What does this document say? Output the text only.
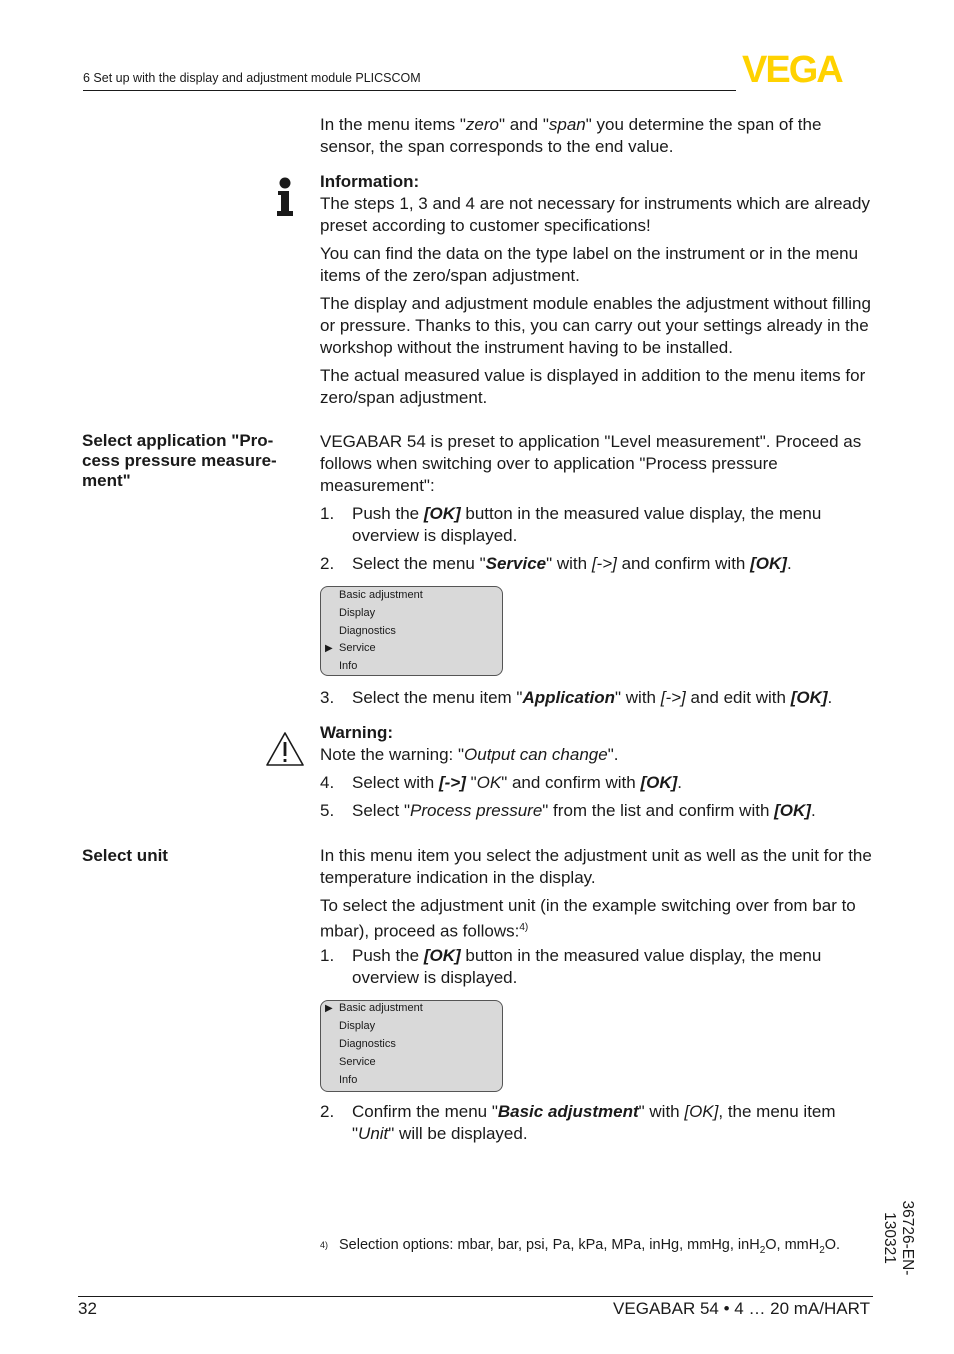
6 Set up with the display and adjustment module PLICSCOM	VEGA

In the menu items "zero" and "span" you determine the span of the sensor, the span corresponds to the end value.

Information:

The steps 1, 3 and 4 are not necessary for instruments which are already preset according to customer specifications!

You can find the data on the type label on the instrument or in the menu items of the zero/span adjustment.

The display and adjustment module enables the adjustment without filling or pressure. Thanks to this, you can carry out your settings already in the workshop without the instrument having to be installed.

The actual measured value is displayed in addition to the menu items for zero/span adjustment.

Select application "Pro-cess pressure measure-ment"

VEGABAR 54 is preset to application "Level measurement". Proceed as follows when switching over to application "Process pressure measurement":

1. Push the [OK] button in the measured value display, the menu overview is displayed.
2. Select the menu "Service" with [->] and confirm with [OK].
Basic adjustment
Display
Diagnostics
▶ Service
Info
3. Select the menu item "Application" with [->] and edit with [OK].

Warning:

Note the warning: "Output can change".

4. Select with [->] "OK" and confirm with [OK].
5. Select "Process pressure" from the list and confirm with [OK].
Select unit	In this menu item you select the adjustment unit as well as the unit for the temperature indication in the display.

To select the adjustment unit (in the example switching over from bar to mbar), proceed as follows:$^{4)}$

1. Push the [OK] button in the measured value display, the menu overview is displayed.
▶ Basic adjustment
Display
Diagnostics
Service
Info
2. Confirm the menu "Basic adjustment" with [OK], the menu item "Unit" will be displayed.
4) Selection options: mbar, bar, psi, Pa, kPa, MPa, inHg, mmHg, inH$_2$O, mmH$_2$O.	36726-EN-130321
32	VEGABAR 54 • 4 … 20 mA/HART
